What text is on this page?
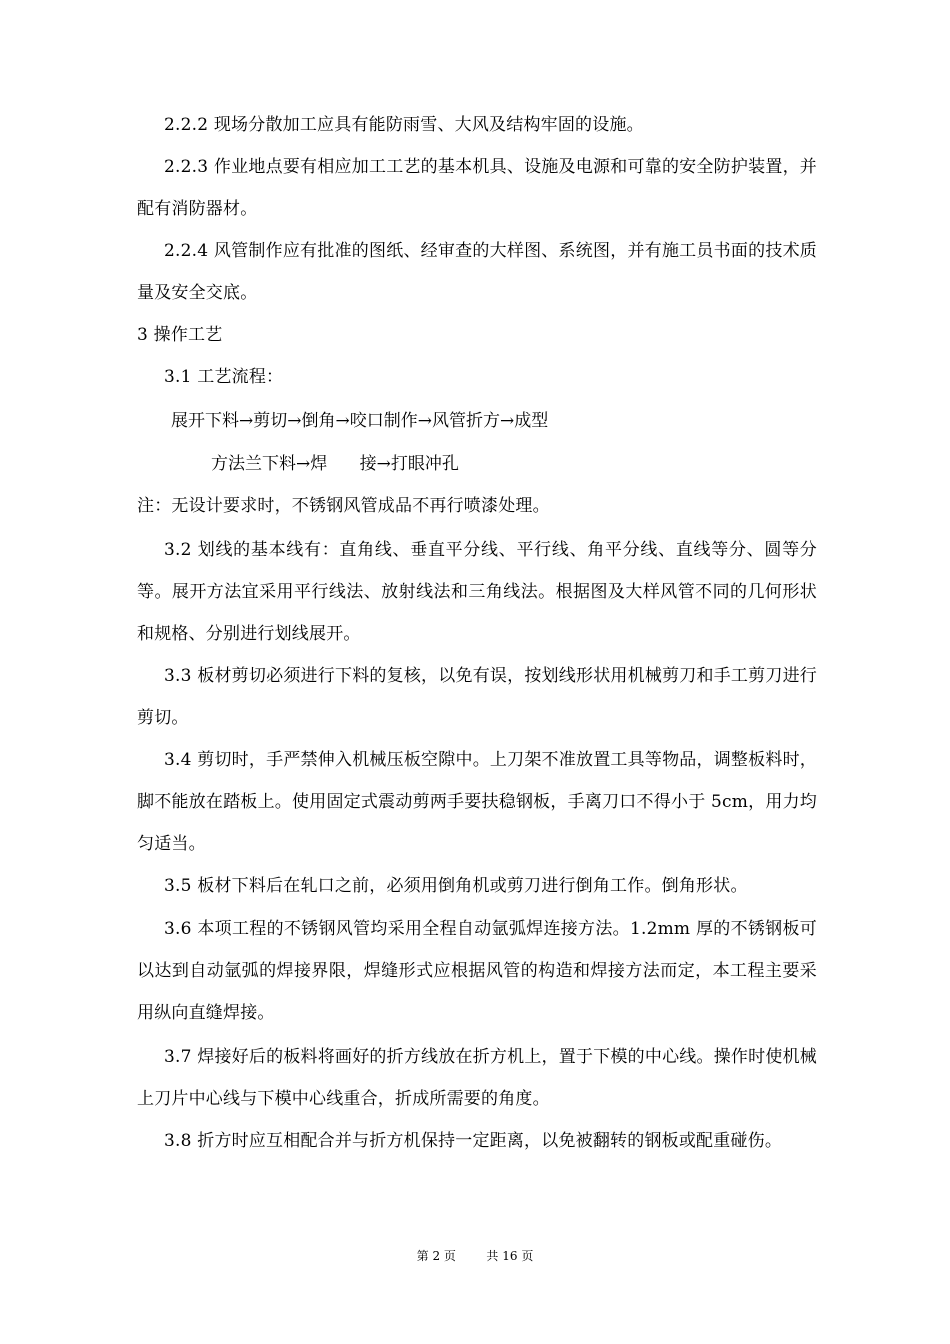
2.2.2 现场分散加工应具有能防雨雪、大风及结构牢固的设施。

2.2.3 作业地点要有相应加工工艺的基本机具、设施及电源和可靠的安全防护装置，并配有消防器材。

2.2.4 风管制作应有批准的图纸、经审查的大样图、系统图，并有施工员书面的技术质量及安全交底。

3 操作工艺

3.1 工艺流程：

展开下料→剪切→倒角→咬口制作→风管折方→成型

方法兰下料→焊      接→打眼冲孔

注：无设计要求时，不锈钢风管成品不再行喷漆处理。

3.2 划线的基本线有：直角线、垂直平分线、平行线、角平分线、直线等分、圆等分等。展开方法宜采用平行线法、放射线法和三角线法。根据图及大样风管不同的几何形状和规格、分别进行划线展开。

3.3 板材剪切必须进行下料的复核，以免有误，按划线形状用机械剪刀和手工剪刀进行剪切。

3.4 剪切时，手严禁伸入机械压板空隙中。上刀架不准放置工具等物品，调整板料时，脚不能放在踏板上。使用固定式震动剪两手要扶稳钢板，手离刀口不得小于 5cm，用力均匀适当。

3.5 板材下料后在轧口之前，必须用倒角机或剪刀进行倒角工作。倒角形状。

3.6 本项工程的不锈钢风管均采用全程自动氩弧焊连接方法。1.2mm 厚的不锈钢板可以达到自动氩弧的焊接界限，焊缝形式应根据风管的构造和焊接方法而定，本工程主要采用纵向直缝焊接。

3.7 焊接好后的板料将画好的折方线放在折方机上，置于下模的中心线。操作时使机械上刀片中心线与下模中心线重合，折成所需要的角度。

3.8 折方时应互相配合并与折方机保持一定距离，以免被翻转的钢板或配重碰伤。

第 2 页        共 16 页
